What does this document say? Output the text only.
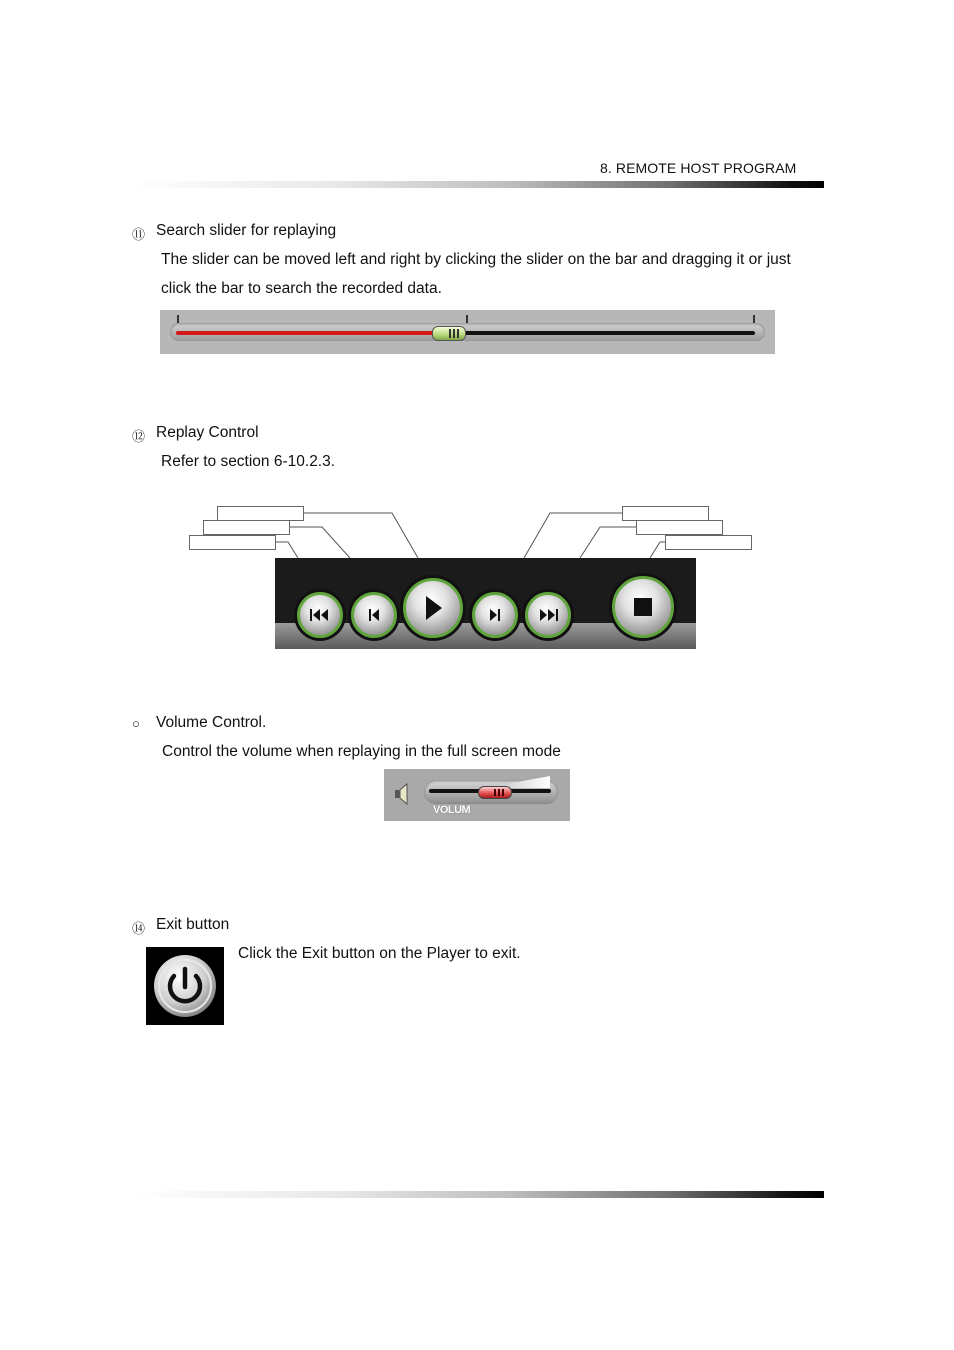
8. REMOTE HOST PROGRAM
⑪ Search slider for replaying
The slider can be moved left and right by clicking the slider on the bar and dragging it or just
click the bar to search the recorded data.
⑫ Replay Control
Refer to section 6-10.2.3.
○ Volume Control.
Control the volume when replaying in the full screen mode
VOLUM
⑭ Exit button
Click the Exit button on the Player to exit.
